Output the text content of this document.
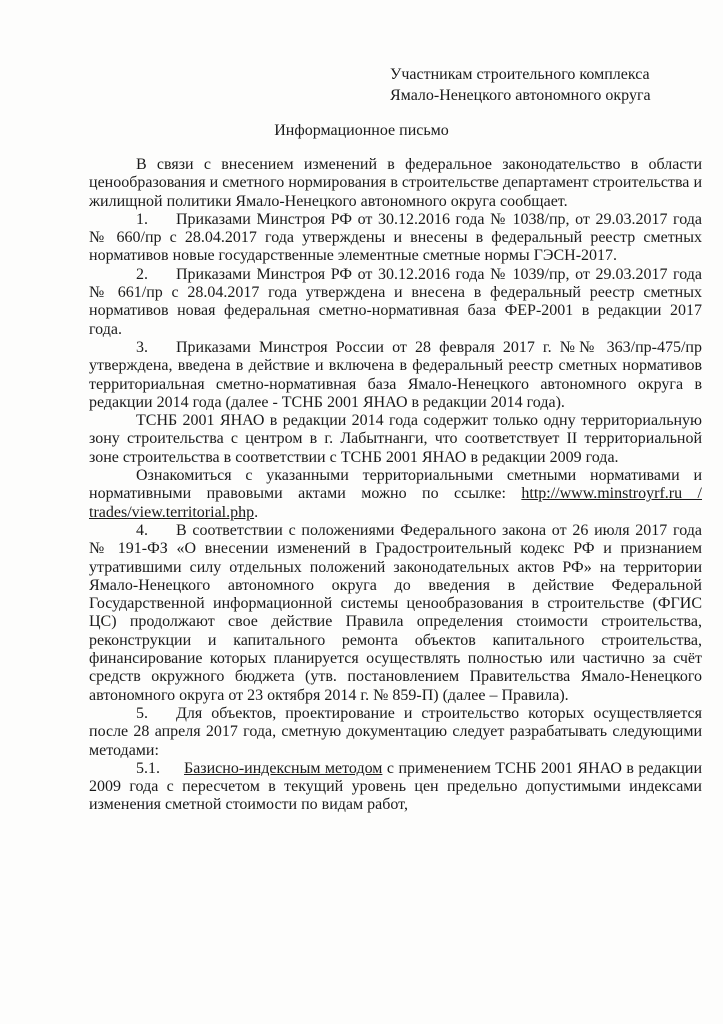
Участникам строительного комплекса
Ямало-Ненецкого автономного округа
Информационное письмо

В связи с внесением изменений в федеральное законодательство в области ценообразования и сметного нормирования в строительстве департамент строительства и жилищной политики Ямало-Ненецкого автономного округа сообщает.

1. Приказами Минстроя РФ от 30.12.2016 года № 1038/пр, от 29.03.2017 года № 660/пр с 28.04.2017 года утверждены и внесены в федеральный реестр сметных нормативов новые государственные элементные сметные нормы ГЭСН-2017.

2. Приказами Минстроя РФ от 30.12.2016 года № 1039/пр, от 29.03.2017 года № 661/пр с 28.04.2017 года утверждена и внесена в федеральный реестр сметных нормативов новая федеральная сметно-нормативная база ФЕР-2001 в редакции 2017 года.

3. Приказами Минстроя России от 28 февраля 2017 г. №№ 363/пр-475/пр утверждена, введена в действие и включена в федеральный реестр сметных нормативов территориальная сметно-нормативная база Ямало-Ненецкого автономного округа в редакции 2014 года (далее - ТСНБ 2001 ЯНАО в редакции 2014 года).

ТСНБ 2001 ЯНАО в редакции 2014 года содержит только одну территориальную зону строительства с центром в г. Лабытнанги, что соответствует II территориальной зоне строительства в соответствии с ТСНБ 2001 ЯНАО в редакции 2009 года.

Ознакомиться с указанными территориальными сметными нормативами и нормативными правовыми актами можно по ссылке: http://www.minstroyrf.ru / trades/view.territorial.php.

4. В соответствии с положениями Федерального закона от 26 июля 2017 года № 191-ФЗ «О внесении изменений в Градостроительный кодекс РФ и признанием утратившими силу отдельных положений законодательных актов РФ» на территории Ямало-Ненецкого автономного округа до введения в действие Федеральной Государственной информационной системы ценообразования в строительстве (ФГИС ЦС) продолжают свое действие Правила определения стоимости строительства, реконструкции и капитального ремонта объектов капитального строительства, финансирование которых планируется осуществлять полностью или частично за счёт средств окружного бюджета (утв. постановлением Правительства Ямало-Ненецкого автономного округа от 23 октября 2014 г. № 859-П) (далее – Правила).

5. Для объектов, проектирование и строительство которых осуществляется после 28 апреля 2017 года, сметную документацию следует разрабатывать следующими методами:

5.1. Базисно-индексным методом с применением ТСНБ 2001 ЯНАО в редакции 2009 года с пересчетом в текущий уровень цен предельно допустимыми индексами изменения сметной стоимости по видам работ,
